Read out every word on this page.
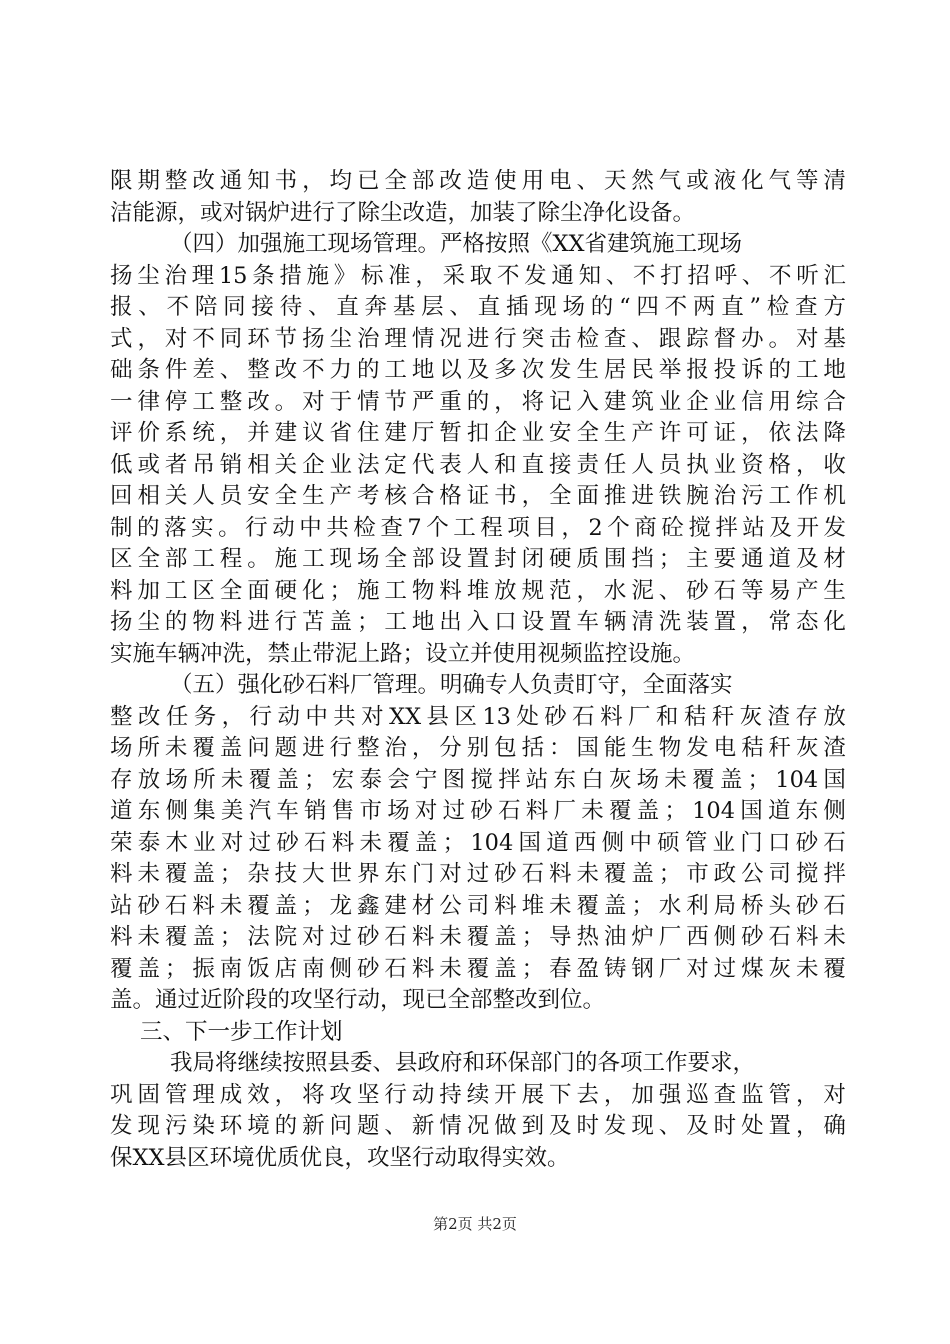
限 期 整 改 通 知 书 ， 均 已 全 部 改 造 使 用 电 、 天 然 气 或 液 化 气 等 清
洁能源，或对锅炉进行了除尘改造，加装了除尘净化设备。
（四）加强施工现场管理。严格按照《XX省建筑施工现场
扬 尘 治 理 15 条 措 施 》 标 准 ， 采 取 不 发 通 知 、 不 打 招 呼 、 不 听 汇
报 、 不 陪 同 接 待 、 直 奔 基 层 、 直 插 现 场 的 “ 四 不 两 直 ” 检 查 方
式 ， 对 不 同 环 节 扬 尘 治 理 情 况 进 行 突 击 检 查 、 跟 踪 督 办 。 对 基
础 条 件 差 、 整 改 不 力 的 工 地 以 及 多 次 发 生 居 民 举 报 投 诉 的 工 地
一 律 停 工 整 改 。 对 于 情 节 严 重 的 ， 将 记 入 建 筑 业 企 业 信 用 综 合
评 价 系 统 ， 并 建 议 省 住 建 厅 暂 扣 企 业 安 全 生 产 许 可 证 ， 依 法 降
低 或 者 吊 销 相 关 企 业 法 定 代 表 人 和 直 接 责 任 人 员 执 业 资 格 ， 收
回 相 关 人 员 安 全 生 产 考 核 合 格 证 书 ， 全 面 推 进 铁 腕 治 污 工 作 机
制 的 落 实 。 行 动 中 共 检 查 7 个 工 程 项 目 ， 2 个 商 砼 搅 拌 站 及 开 发
区 全 部 工 程 。 施 工 现 场 全 部 设 置 封 闭 硬 质 围 挡 ； 主 要 通 道 及 材
料 加 工 区 全 面 硬 化 ； 施 工 物 料 堆 放 规 范 ， 水 泥 、 砂 石 等 易 产 生
扬 尘 的 物 料 进 行 苫 盖 ； 工 地 出 入 口 设 置 车 辆 清 洗 装 置 ， 常 态 化
实施车辆冲洗，禁止带泥上路；设立并使用视频监控设施。
（五）强化砂石料厂管理。明确专人负责盯守，全面落实
整 改 任 务 ， 行 动 中 共 对 XX 县 区 13 处 砂 石 料 厂 和 秸 秆 灰 渣 存 放
场 所 未 覆 盖 问 题 进 行 整 治 ， 分 别 包 括 ： 国 能 生 物 发 电 秸 秆 灰 渣
存 放 场 所 未 覆 盖 ； 宏 泰 会 宁 图 搅 拌 站 东 白 灰 场 未 覆 盖 ； 104 国
道 东 侧 集 美 汽 车 销 售 市 场 对 过 砂 石 料 厂 未 覆 盖 ； 104 国 道 东 侧
荣 泰 木 业 对 过 砂 石 料 未 覆 盖 ； 104 国 道 西 侧 中 硕 管 业 门 口 砂 石
料 未 覆 盖 ； 杂 技 大 世 界 东 门 对 过 砂 石 料 未 覆 盖 ； 市 政 公 司 搅 拌
站 砂 石 料 未 覆 盖 ； 龙 鑫 建 材 公 司 料 堆 未 覆 盖 ； 水 利 局 桥 头 砂 石
料 未 覆 盖 ； 法 院 对 过 砂 石 料 未 覆 盖 ； 导 热 油 炉 厂 西 侧 砂 石 料 未
覆 盖 ； 振 南 饭 店 南 侧 砂 石 料 未 覆 盖 ； 春 盈 铸 钢 厂 对 过 煤 灰 未 覆
盖。通过近阶段的攻坚行动，现已全部整改到位。
三、下一步工作计划
我局将继续按照县委、县政府和环保部门的各项工作要求，
巩 固 管 理 成 效 ， 将 攻 坚 行 动 持 续 开 展 下 去 ， 加 强 巡 查 监 管 ， 对
发 现 污 染 环 境 的 新 问 题 、 新 情 况 做 到 及 时 发 现 、 及 时 处 置 ， 确
保XX县区环境优质优良，攻坚行动取得实效。
第2页 共2页
